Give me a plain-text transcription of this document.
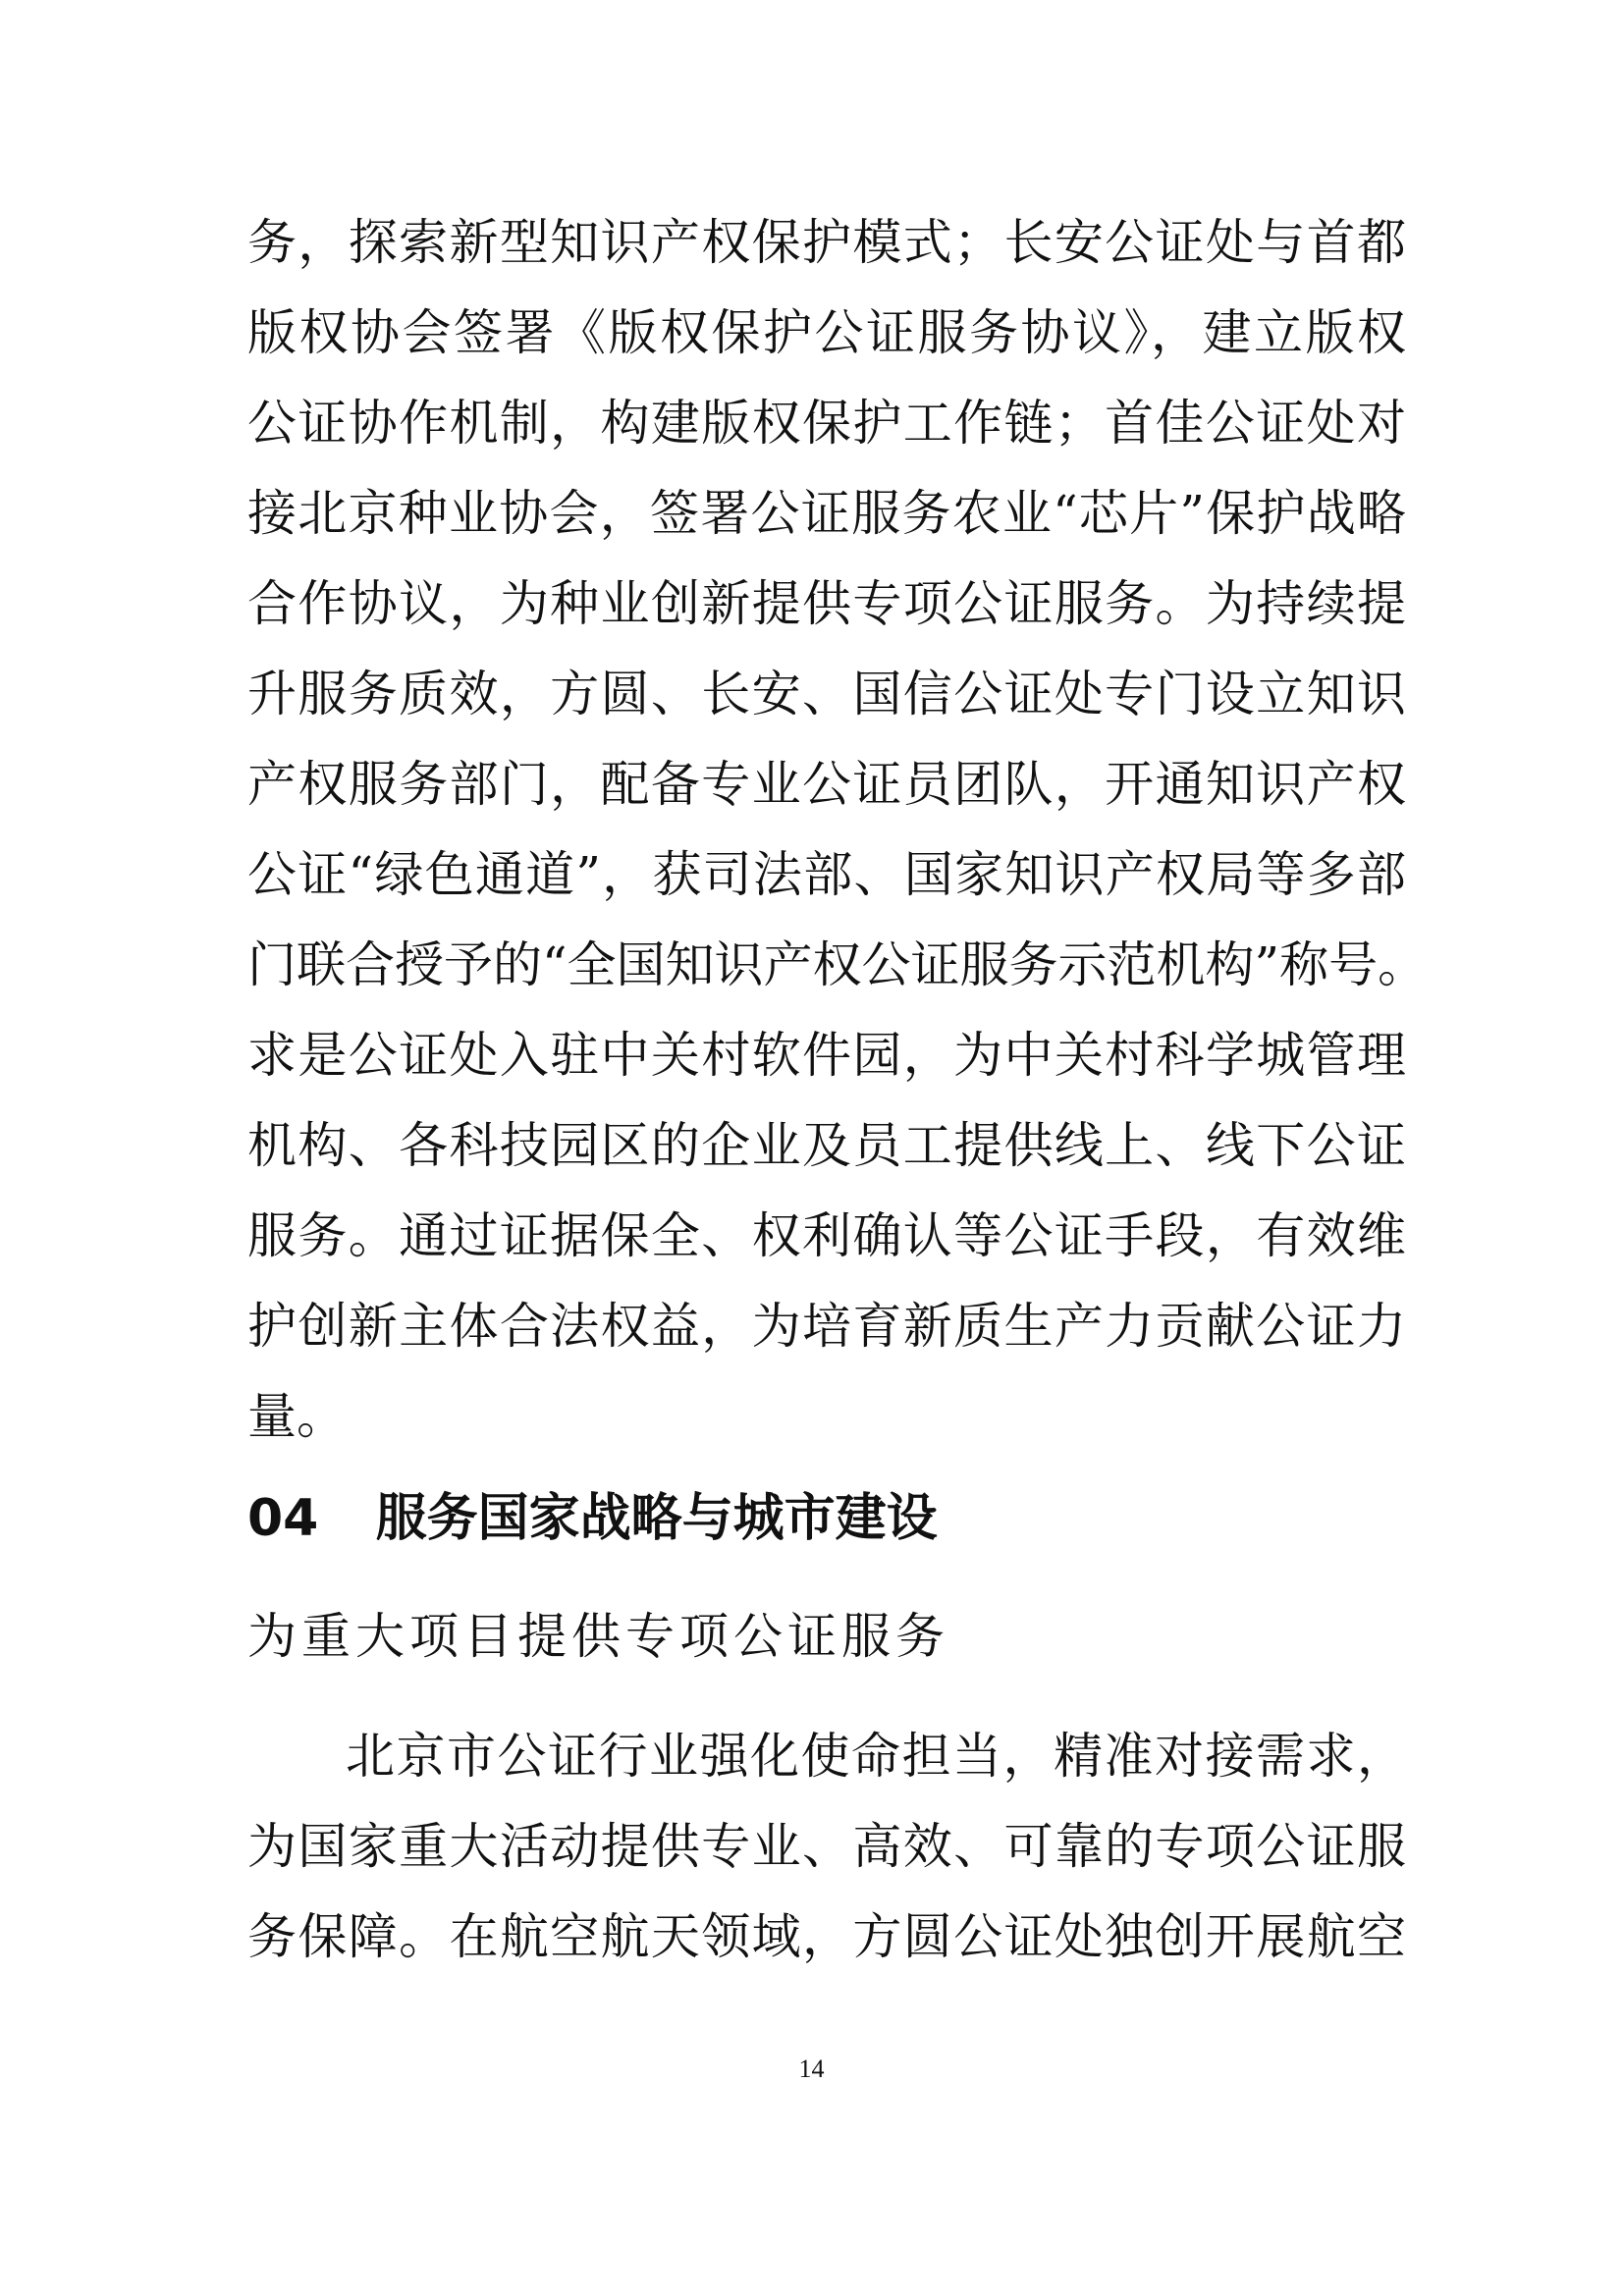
务，探索新型知识产权保护模式；长安公证处与首都
版权协会签署《版权保护公证服务协议》，建立版权
公证协作机制，构建版权保护工作链；首佳公证处对
接北京种业协会，签署公证服务农业“芯片”保护战略
合作协议，为种业创新提供专项公证服务。为持续提
升服务质效，方圆、长安、国信公证处专门设立知识
产权服务部门，配备专业公证员团队，开通知识产权
公证“绿色通道”，获司法部、国家知识产权局等多部
门联合授予的“全国知识产权公证服务示范机构”称号。
求是公证处入驻中关村软件园，为中关村科学城管理
机构、各科技园区的企业及员工提供线上、线下公证
服务。通过证据保全、权利确认等公证手段，有效维
护创新主体合法权益，为培育新质生产力贡献公证力
量。
04 服务国家战略与城市建设
为重大项目提供专项公证服务
北京市公证行业强化使命担当，精准对接需求，
为国家重大活动提供专业、高效、可靠的专项公证服
务保障。在航空航天领域，方圆公证处独创开展航空
14
